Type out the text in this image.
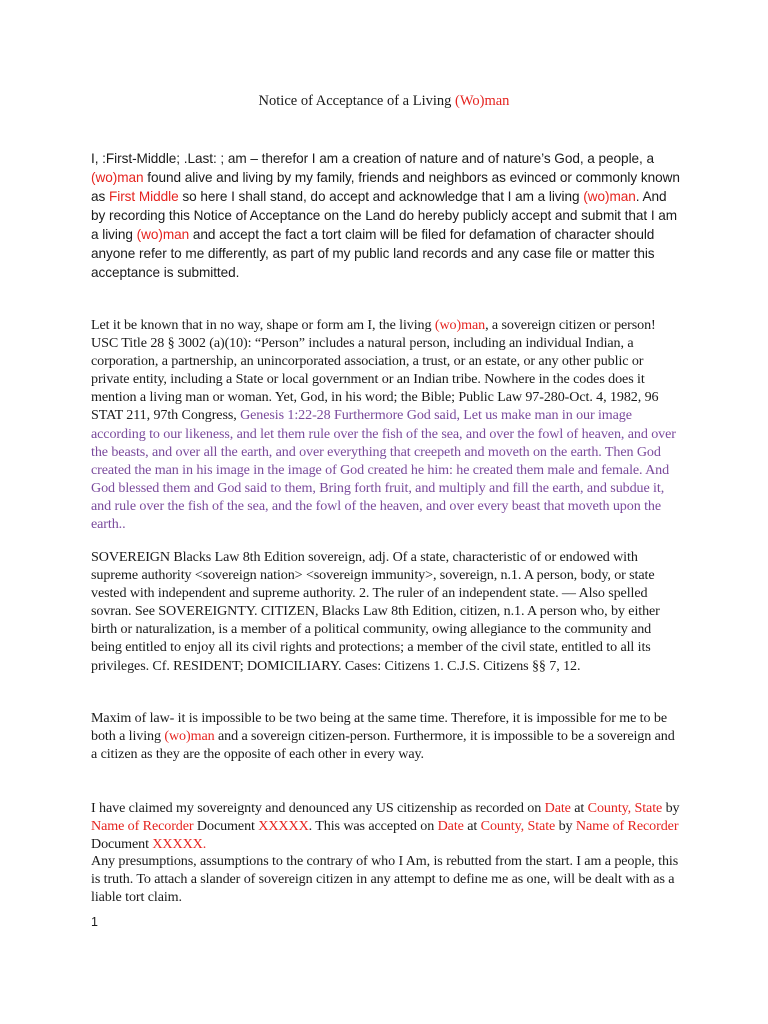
Notice of Acceptance of a Living (Wo)man

I, :First-Middle; .Last: ; am – therefor I am a creation of nature and of nature’s God, a people, a (wo)man found alive and living by my family, friends and neighbors as evinced or commonly known as First Middle so here I shall stand, do accept and acknowledge that I am a living (wo)man. And by recording this Notice of Acceptance on the Land do hereby publicly accept and submit that I am a living (wo)man and accept the fact a tort claim will be filed for defamation of character should anyone refer to me differently, as part of my public land records and any case file or matter this acceptance is submitted.

Let it be known that in no way, shape or form am I, the living (wo)man, a sovereign citizen or person! USC Title 28 § 3002 (a)(10): “Person” includes a natural person, including an individual Indian, a corporation, a partnership, an unincorporated association, a trust, or an estate, or any other public or private entity, including a State or local government or an Indian tribe. Nowhere in the codes does it mention a living man or woman. Yet, God, in his word; the Bible; Public Law 97-280-Oct. 4, 1982, 96 STAT 211, 97th Congress, Genesis 1:22-28 Furthermore God said, Let us make man in our image according to our likeness, and let them rule over the fish of the sea, and over the fowl of heaven, and over the beasts, and over all the earth, and over everything that creepeth and moveth on the earth. Then God created the man in his image in the image of God created he him: he created them male and female. And God blessed them and God said to them, Bring forth fruit, and multiply and fill the earth, and subdue it, and rule over the fish of the sea, and the fowl of the heaven, and over every beast that moveth upon the earth..

SOVEREIGN Blacks Law 8th Edition sovereign, adj. Of a state, characteristic of or endowed with supreme authority <sovereign nation> <sovereign immunity>, sovereign, n.1. A person, body, or state vested with independent and supreme authority. 2. The ruler of an independent state. — Also spelled sovran. See SOVEREIGNTY. CITIZEN, Blacks Law 8th Edition, citizen, n.1. A person who, by either birth or naturalization, is a member of a political community, owing allegiance to the community and being entitled to enjoy all its civil rights and protections; a member of the civil state, entitled to all its privileges. Cf. RESIDENT; DOMICILIARY. Cases: Citizens 1. C.J.S. Citizens §§ 7, 12.

Maxim of law- it is impossible to be two being at the same time. Therefore, it is impossible for me to be both a living (wo)man and a sovereign citizen-person. Furthermore, it is impossible to be a sovereign and a citizen as they are the opposite of each other in every way.

I have claimed my sovereignty and denounced any US citizenship as recorded on Date at County, State by Name of Recorder Document XXXXX. This was accepted on Date at County, State by Name of Recorder Document XXXXX.

Any presumptions, assumptions to the contrary of who I Am, is rebutted from the start. I am a people, this is truth. To attach a slander of sovereign citizen in any attempt to define me as one, will be dealt with as a liable tort claim.

1
